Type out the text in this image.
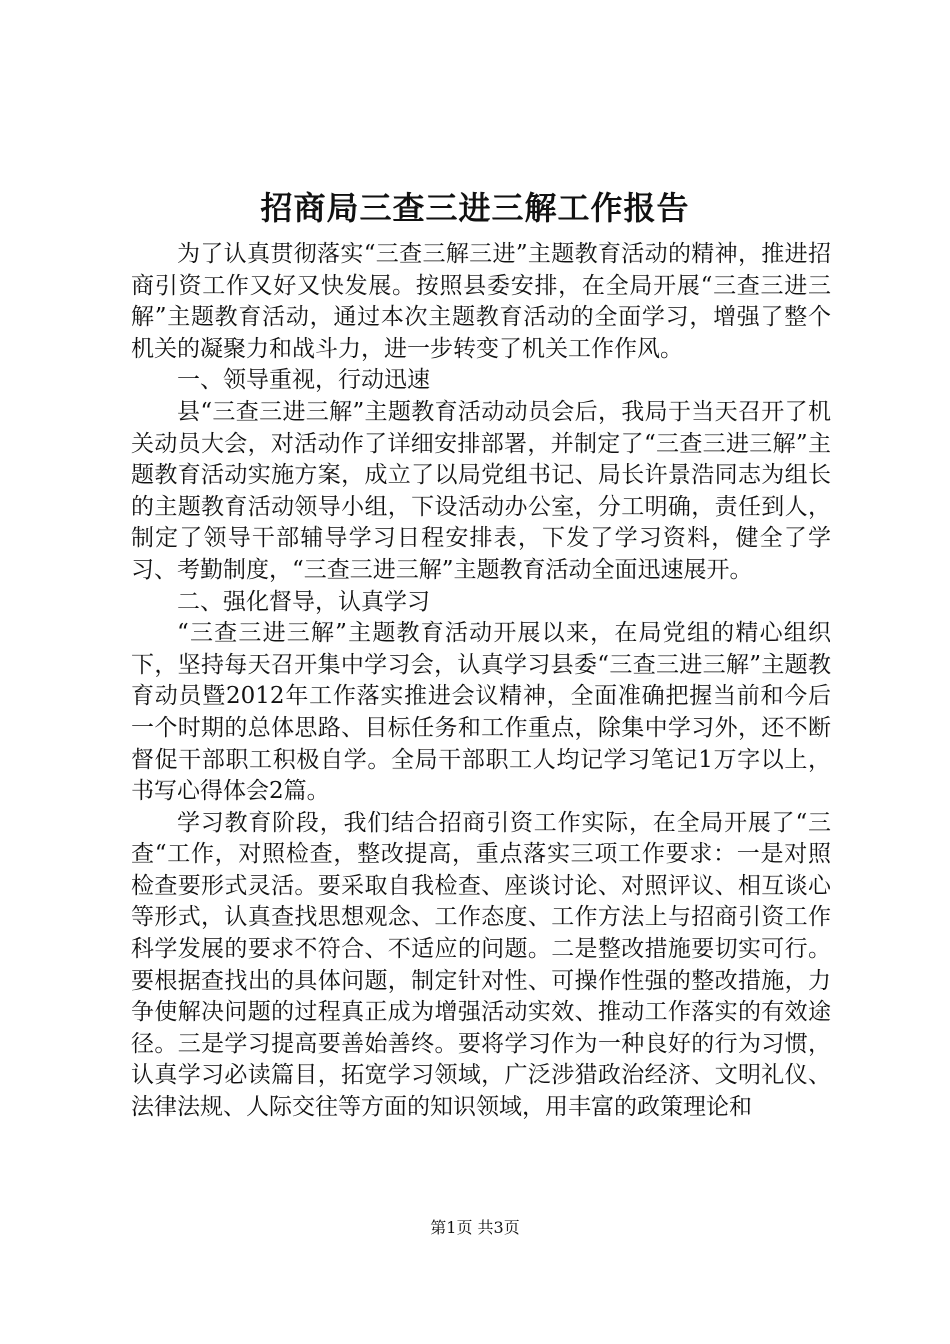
招商局三查三进三解工作报告

为了认真贯彻落实“三查三解三进”主题教育活动的精神，推进招商引资工作又好又快发展。按照县委安排，在全局开展“三查三进三解”主题教育活动，通过本次主题教育活动的全面学习，增强了整个机关的凝聚力和战斗力，进一步转变了机关工作作风。

一、领导重视，行动迅速

县“三查三进三解”主题教育活动动员会后，我局于当天召开了机关动员大会，对活动作了详细安排部署，并制定了“三查三进三解”主题教育活动实施方案，成立了以局党组书记、局长许景浩同志为组长的主题教育活动领导小组，下设活动办公室，分工明确，责任到人，制定了领导干部辅导学习日程安排表，下发了学习资料，健全了学习、考勤制度，“三查三进三解”主题教育活动全面迅速展开。

二、强化督导，认真学习

“三查三进三解”主题教育活动开展以来，在局党组的精心组织下，坚持每天召开集中学习会，认真学习县委“三查三进三解”主题教育动员暨2012年工作落实推进会议精神，全面准确把握当前和今后一个时期的总体思路、目标任务和工作重点，除集中学习外，还不断督促干部职工积极自学。全局干部职工人均记学习笔记1万字以上，书写心得体会2篇。

学习教育阶段，我们结合招商引资工作实际，在全局开展了“三查“工作，对照检查，整改提高，重点落实三项工作要求：一是对照检查要形式灵活。要采取自我检查、座谈讨论、对照评议、相互谈心等形式，认真查找思想观念、工作态度、工作方法上与招商引资工作科学发展的要求不符合、不适应的问题。二是整改措施要切实可行。要根据查找出的具体问题，制定针对性、可操作性强的整改措施，力争使解决问题的过程真正成为增强活动实效、推动工作落实的有效途径。三是学习提高要善始善终。要将学习作为一种良好的行为习惯，认真学习必读篇目，拓宽学习领域，广泛涉猎政治经济、文明礼仪、法律法规、人际交往等方面的知识领域，用丰富的政策理论和

第1页 共3页
